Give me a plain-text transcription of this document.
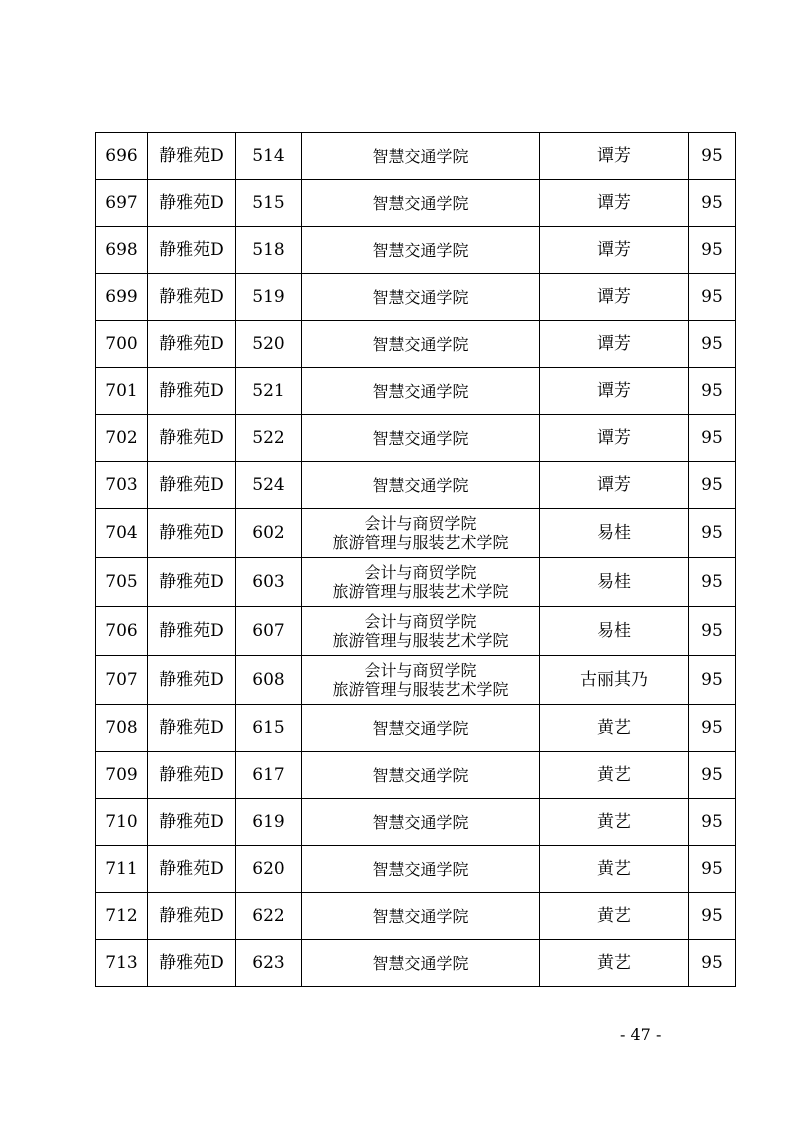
696	静雅苑D	514	智慧交通学院	谭芳	95
697	静雅苑D	515	智慧交通学院	谭芳	95
698	静雅苑D	518	智慧交通学院	谭芳	95
699	静雅苑D	519	智慧交通学院	谭芳	95
700	静雅苑D	520	智慧交通学院	谭芳	95
701	静雅苑D	521	智慧交通学院	谭芳	95
702	静雅苑D	522	智慧交通学院	谭芳	95
703	静雅苑D	524	智慧交通学院	谭芳	95
704	静雅苑D	602	会计与商贸学院
旅游管理与服装艺术学院	易桂	95
705	静雅苑D	603	会计与商贸学院
旅游管理与服装艺术学院	易桂	95
706	静雅苑D	607	会计与商贸学院
旅游管理与服装艺术学院	易桂	95
707	静雅苑D	608	会计与商贸学院
旅游管理与服装艺术学院	古丽其乃	95
708	静雅苑D	615	智慧交通学院	黄艺	95
709	静雅苑D	617	智慧交通学院	黄艺	95
710	静雅苑D	619	智慧交通学院	黄艺	95
711	静雅苑D	620	智慧交通学院	黄艺	95
712	静雅苑D	622	智慧交通学院	黄艺	95
713	静雅苑D	623	智慧交通学院	黄艺	95
- 47 -
